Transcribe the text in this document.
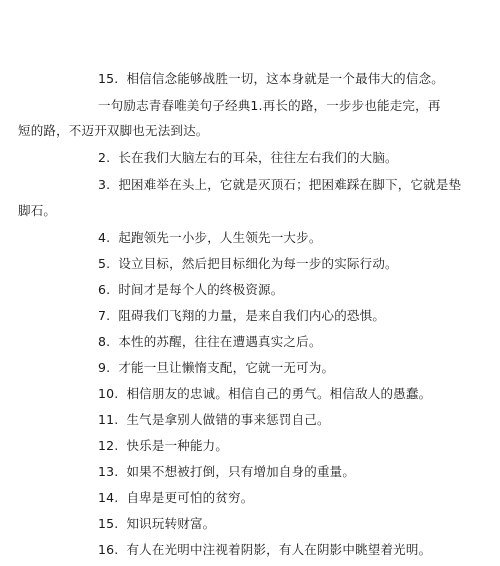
15. 相信信念能够战胜一切，这本身就是一个最伟大的信念。
一句励志青春唯美句子经典1.再长的路，一步步也能走完，再
短的路，不迈开双脚也无法到达。
2. 长在我们大脑左右的耳朵，往往左右我们的大脑。
3. 把困难举在头上，它就是灭顶石；把困难踩在脚下，它就是垫
脚石。
4. 起跑领先一小步，人生领先一大步。
5. 设立目标，然后把目标细化为每一步的实际行动。
6. 时间才是每个人的终极资源。
7. 阻碍我们飞翔的力量，是来自我们内心的恐惧。
8. 本性的苏醒，往往在遭遇真实之后。
9. 才能一旦让懒惰支配，它就一无可为。
10. 相信朋友的忠诚。相信自己的勇气。相信敌人的愚蠢。
11. 生气是拿别人做错的事来惩罚自己。
12. 快乐是一种能力。
13. 如果不想被打倒，只有增加自身的重量。
14. 自卑是更可怕的贫穷。
15. 知识玩转财富。
16. 有人在光明中注视着阴影，有人在阴影中眺望着光明。
